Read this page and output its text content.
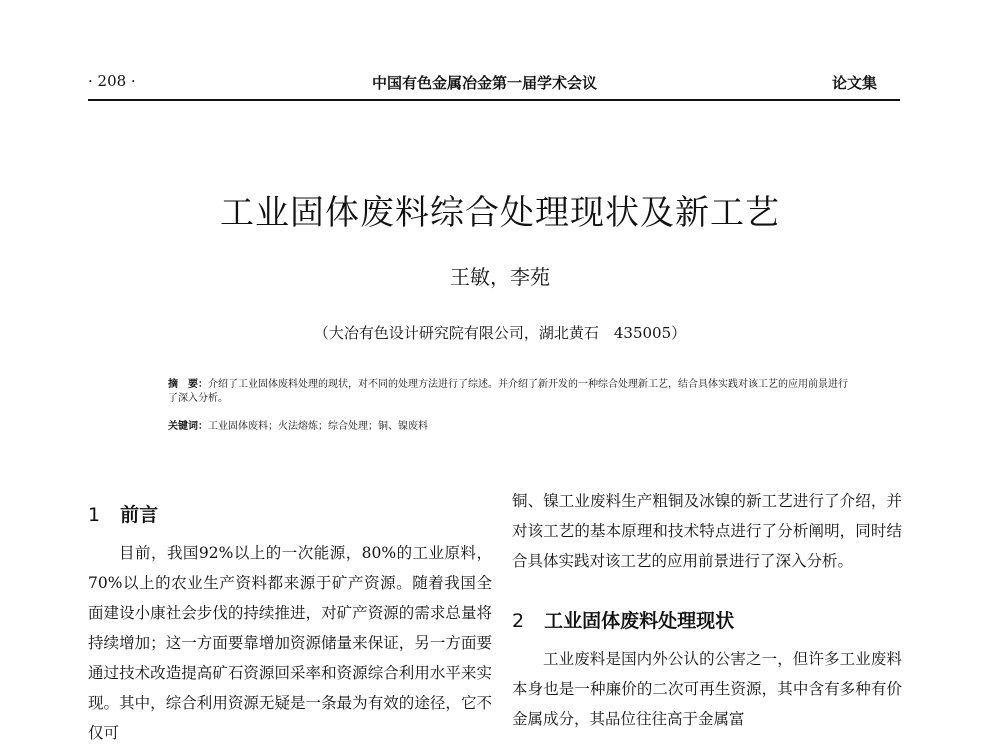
· 208 ·	中国有色金属冶金第一届学术会议	论文集
工业固体废料综合处理现状及新工艺
王敏，李苑
（大冶有色设计研究院有限公司，湖北黄石　435005）
摘　要：介绍了工业固体废料处理的现状，对不同的处理方法进行了综述。并介绍了新开发的一种综合处理新工艺，结合具体实践对该工艺的应用前景进行了深入分析。
关键词：工业固体废料；火法熔炼；综合处理；铜、镍废料
1 前言
目前，我国92%以上的一次能源，80%的工业原料，70%以上的农业生产资料都来源于矿产资源。随着我国全面建设小康社会步伐的持续推进，对矿产资源的需求总量将持续增加；这一方面要靠增加资源储量来保证，另一方面要通过技术改造提高矿石资源回采率和资源综合利用水平来实现。其中，综合利用资源无疑是一条最为有效的途径，它不仅可
铜、镍工业废料生产粗铜及冰镍的新工艺进行了介绍，并对该工艺的基本原理和技术特点进行了分析阐明，同时结合具体实践对该工艺的应用前景进行了深入分析。
2 工业固体废料处理现状
工业废料是国内外公认的公害之一，但许多工业废料本身也是一种廉价的二次可再生资源，其中含有多种有价金属成分，其品位往往高于金属富
